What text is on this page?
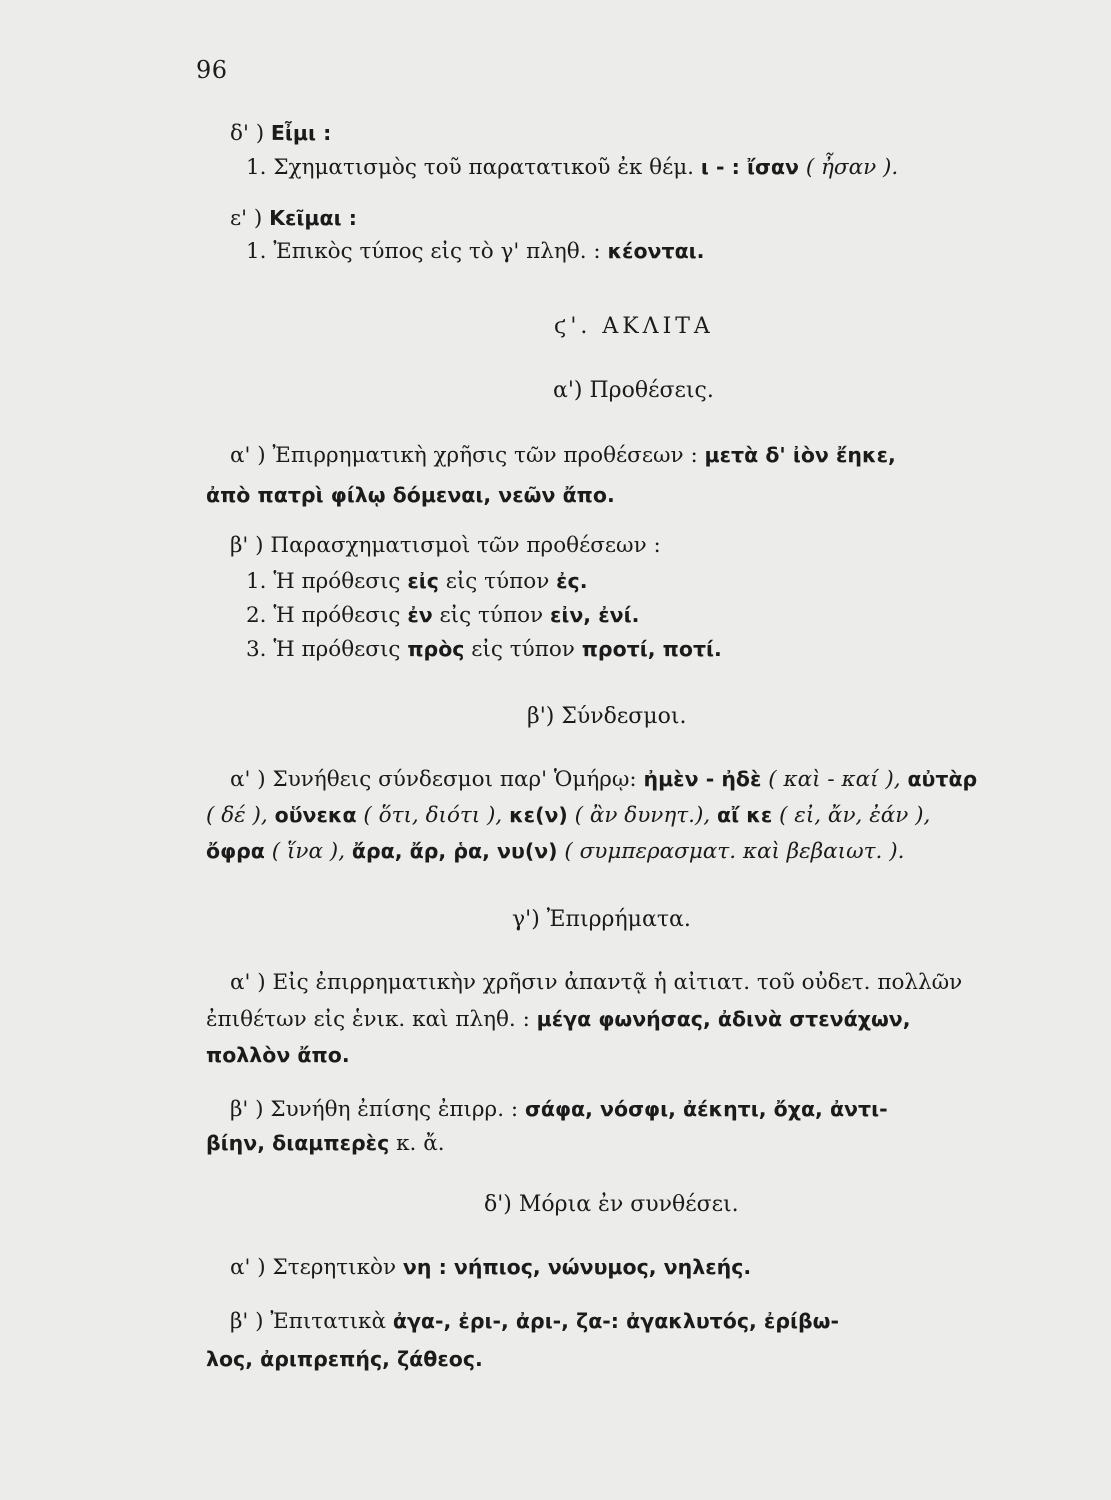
96
δ' ) Εἶμι :
1. Σχηματισμὸς τοῦ παρατατικοῦ ἐκ θέμ. ι - : ἴσαν ( ἦσαν ).
ε' ) Κεῖμαι :
1. Ἐπικὸς τύπος εἰς τὸ γ' πληθ. : κέονται.
ϛ'. ΑΚΛΙΤΑ
α') Προθέσεις.
α' ) Ἐπιρρηματικὴ χρῆσις τῶν προθέσεων : μετὰ δ' ἰὸν ἔηκε,
ἀπὸ πατρὶ φίλῳ δόμεναι, νεῶν ἄπο.
β' ) Παρασχηματισμοὶ τῶν προθέσεων :
1. Ἡ πρόθεσις εἰς εἰς τύπον ἐς.
2. Ἡ πρόθεσις ἐν εἰς τύπον εἰν, ἐνί.
3. Ἡ πρόθεσις πρὸς εἰς τύπον προτί, ποτί.
β') Σύνδεσμοι.
α' ) Συνήθεις σύνδεσμοι παρ' Ὁμήρῳ: ἠμὲν - ἠδὲ ( καὶ - καί ), αὐτὰρ
( δέ ), οὕνεκα ( ὅτι, διότι ), κε(ν) ( ἂν δυνητ.), αἴ κε ( εἰ, ἄν, ἐάν ),
ὄφρα ( ἵνα ), ἄρα, ἄρ, ῥα, νυ(ν) ( συμπερασματ. καὶ βεβαιωτ. ).
γ') Ἐπιρρήματα.
α' ) Εἰς ἐπιρρηματικὴν χρῆσιν ἀπαντᾷ ἡ αἰτιατ. τοῦ οὐδετ. πολλῶν
ἐπιθέτων εἰς ἑνικ. καὶ πληθ. : μέγα φωνήσας, ἀδινὰ στενάχων,
πολλὸν ἄπο.
β' ) Συνήθη ἐπίσης ἐπιρρ. : σάφα, νόσφι, ἀέκητι, ὄχα, ἀντι-
βίην, διαμπερὲς κ. ἄ.
δ') Μόρια ἐν συνθέσει.
α' ) Στερητικὸν νη : νήπιος, νώνυμος, νηλεής.
β' ) Ἐπιτατικὰ ἀγα-, ἐρι-, ἀρι-, ζα-: ἀγακλυτός, ἐρίβω-
λος, ἀριπρεπής, ζάθεος.
